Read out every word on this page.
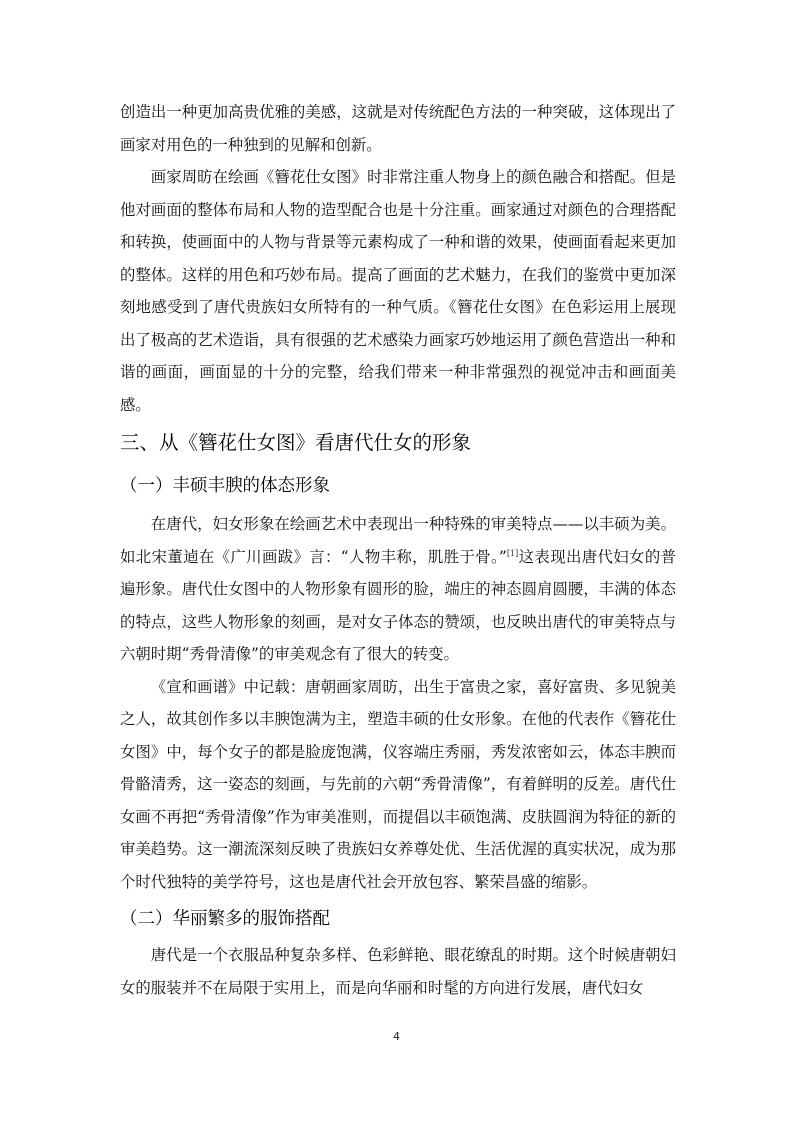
创造出一种更加高贵优雅的美感，这就是对传统配色方法的一种突破，这体现出了画家对用色的一种独到的见解和创新。

画家周昉在绘画《簪花仕女图》时非常注重人物身上的颜色融合和搭配。但是他对画面的整体布局和人物的造型配合也是十分注重。画家通过对颜色的合理搭配和转换，使画面中的人物与背景等元素构成了一种和谐的效果，使画面看起来更加的整体。这样的用色和巧妙布局。提高了画面的艺术魅力，在我们的鉴赏中更加深刻地感受到了唐代贵族妇女所特有的一种气质。《簪花仕女图》在色彩运用上展现出了极高的艺术造诣，具有很强的艺术感染力画家巧妙地运用了颜色营造出一种和谐的画面，画面显的十分的完整，给我们带来一种非常强烈的视觉冲击和画面美感。

三、从《簪花仕女图》看唐代仕女的形象
（一）丰硕丰腴的体态形象

在唐代，妇女形象在绘画艺术中表现出一种特殊的审美特点——以丰硕为美。如北宋董逌在《广川画跋》言：“人物丰称，肌胜于骨。”[1]这表现出唐代妇女的普遍形象。唐代仕女图中的人物形象有圆形的脸，端庄的神态圆肩圆腰，丰满的体态的特点，这些人物形象的刻画，是对女子体态的赞颂，也反映出唐代的审美特点与六朝时期“秀骨清像”的审美观念有了很大的转变。

《宣和画谱》中记载：唐朝画家周昉，出生于富贵之家，喜好富贵、多见貌美之人，故其创作多以丰腴饱满为主，塑造丰硕的仕女形象。在他的代表作《簪花仕女图》中，每个女子的都是脸庞饱满，仪容端庄秀丽，秀发浓密如云，体态丰腴而骨骼清秀，这一姿态的刻画，与先前的六朝“秀骨清像”，有着鲜明的反差。唐代仕女画不再把“秀骨清像”作为审美准则，而提倡以丰硕饱满、皮肤圆润为特征的新的审美趋势。这一潮流深刻反映了贵族妇女养尊处优、生活优渥的真实状况，成为那个时代独特的美学符号，这也是唐代社会开放包容、繁荣昌盛的缩影。

（二）华丽繁多的服饰搭配

唐代是一个衣服品种复杂多样、色彩鲜艳、眼花缭乱的时期。这个时候唐朝妇女的服装并不在局限于实用上，而是向华丽和时髦的方向进行发展，唐代妇女

4
